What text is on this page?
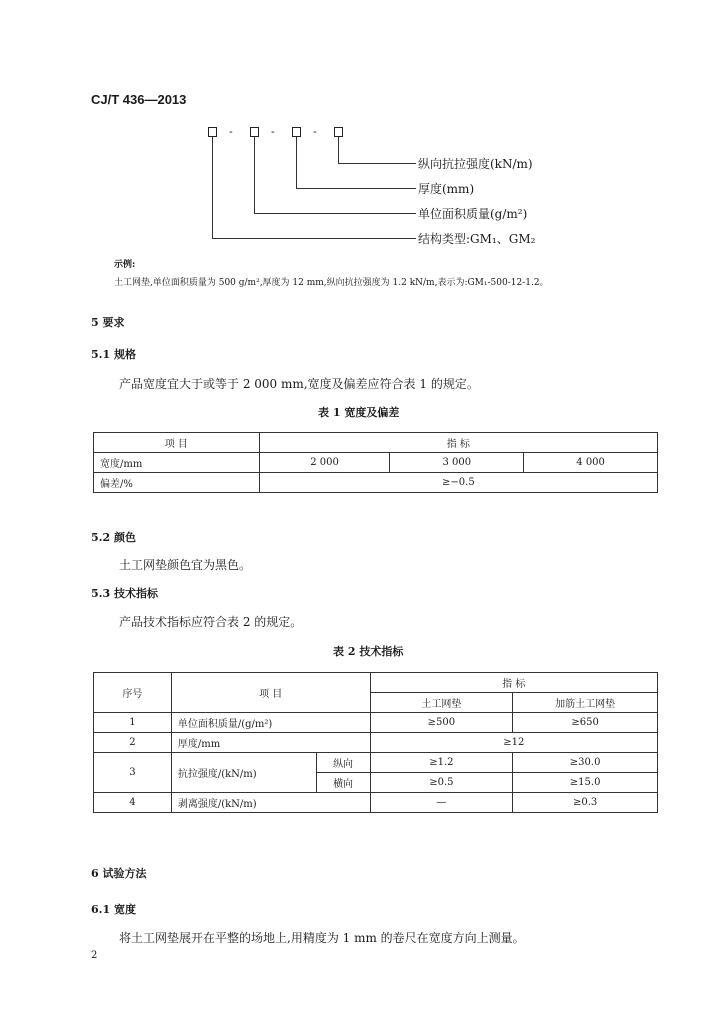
CJ/T 436—2013
-	-	-
纵向抗拉强度(kN/m)
厚度(mm)
单位面积质量(g/m²)
结构类型:GM₁、GM₂
示例:
土工网垫,单位面积质量为 500 g/m²,厚度为 12 mm,纵向抗拉强度为 1.2 kN/m,表示为:GM₁-500-12-1.2。
5 要求
5.1 规格
产品宽度宜大于或等于 2 000 mm,宽度及偏差应符合表 1 的规定。
表 1 宽度及偏差
项 目	指 标		
宽度/mm	2 000	3 000	4 000
偏差/%	≥−0.5		
5.2 颜色
土工网垫颜色宜为黑色。
5.3 技术指标
产品技术指标应符合表 2 的规定。
表 2 技术指标
序号	项 目		指 标	
			土工网垫	加筋土工网垫
1	单位面积质量/(g/m²)		≥500	≥650
2	厚度/mm		≥12	
3	抗拉强度/(kN/m)	纵向	≥1.2	≥30.0
		横向	≥0.5	≥15.0
4	剥离强度/(kN/m)		—	≥0.3
6 试验方法
6.1 宽度
将土工网垫展开在平整的场地上,用精度为 1 mm 的卷尺在宽度方向上测量。
2
